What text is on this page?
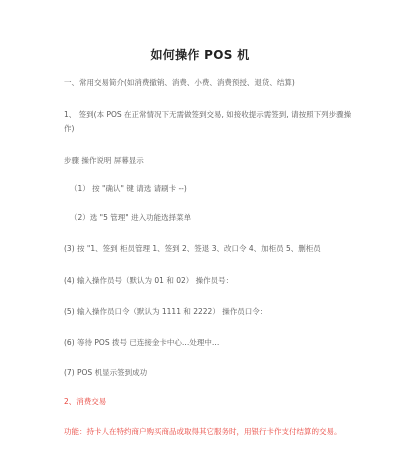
如何操作 POS 机
一、常用交易简介(如消费撤销、消费、小费、消费预授、退货、结算)
1、 签到(本 POS 在正常情况下无需做签到交易, 如接收提示需签到, 请按照下列步骤操作)
步骤 操作说明 屏幕显示
（1） 按 "确认" 键 请选 请刷卡 --)
（2）选 "5 管理" 进入功能选择菜单
(3) 按 "1、签到 柜员管理 1、签到 2、签退 3、改口令 4、加柜员 5、删柜员
(4) 输入操作员号（默认为 01 和 02） 操作员号：
(5) 输入操作员口令（默认为 1111 和 2222） 操作员口令：
(6) 等待 POS 拨号 已连接金卡中心…处理中…
(7) POS 机显示签到成功
2、消费交易
功能：持卡人在特约商户购买商品或取得其它服务时，用银行卡作支付结算的交易。
